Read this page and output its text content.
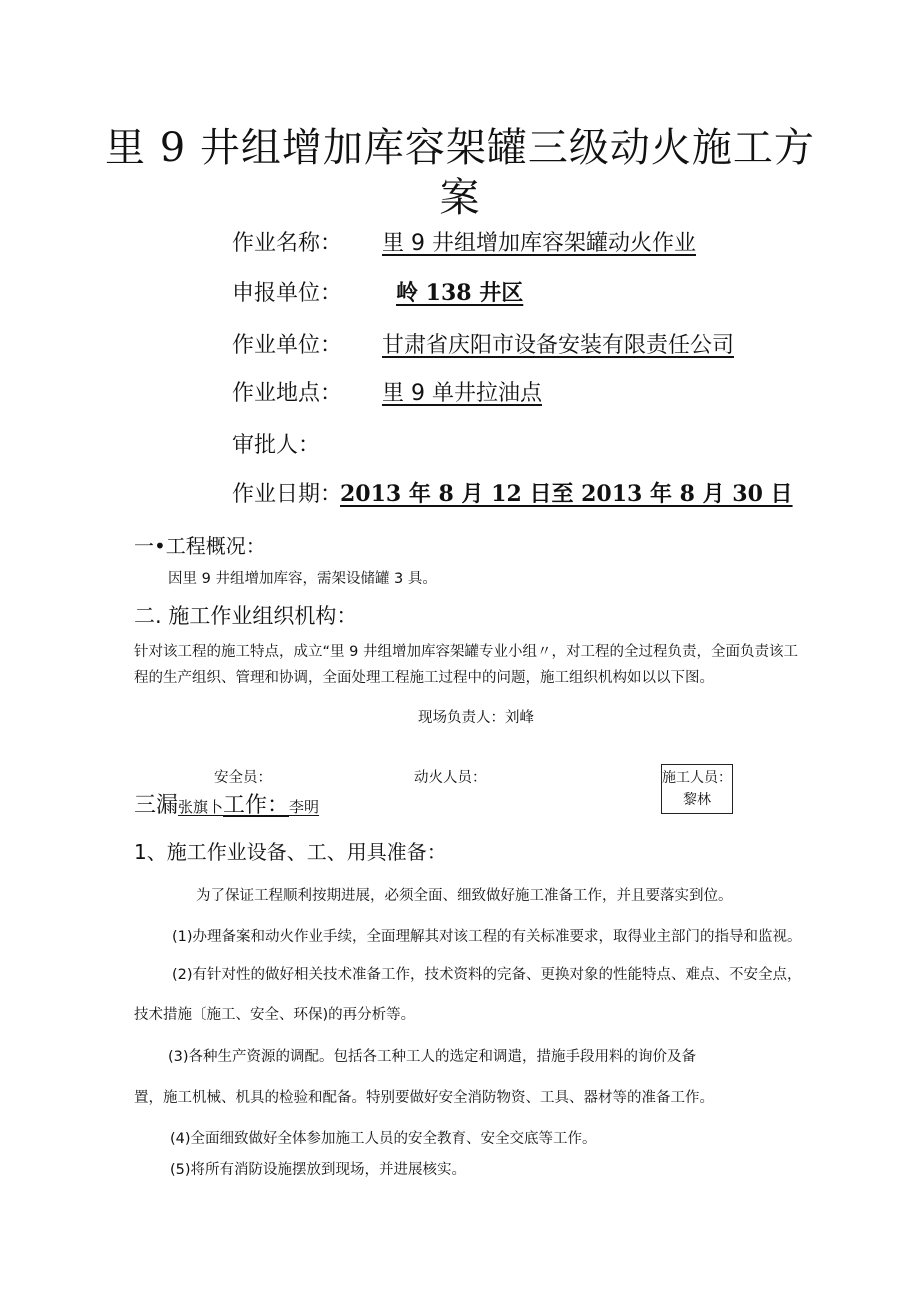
里 9 井组增加库容架罐三级动火施工方
案
作业名称： 里 9 井组增加库容架罐动火作业
申报单位： 岭 138 井区
作业单位： 甘肃省庆阳市设备安装有限责任公司
作业地点： 里 9 单井拉油点
审批人：
作业日期：
2013 年 8 月 12 日至 2013 年 8 月 30 日
一•工程概况：
因里 9 井组增加库容，需架设储罐 3 具。
二. 施工作业组织机构：
针对该工程的施工特点，成立“里 9 井组增加库容架罐专业小组〃，对工程的全过程负责，全面负责该工
程的生产组织、管理和协调，全面处理工程施工过程中的问题，施工组织机构如以以下图。
现场负责人：刘峰
安全员：	动火人员：	施工人员：
黎林
三漏张旗卜工作：李明
1、施工作业设备、工、用具准备：
为了保证工程顺利按期进展，必须全面、细致做好施工准备工作，并且要落实到位。
(1)办理备案和动火作业手续，全面理解其对该工程的有关标准要求，取得业主部门的指导和监视。
(2)有针对性的做好相关技术准备工作，技术资料的完备、更换对象的性能特点、难点、不安全点，
技术措施〔施工、安全、环保)的再分析等。
(3)各种生产资源的调配。包括各工种工人的选定和调遣，措施手段用料的询价及备
置，施工机械、机具的检验和配备。特别要做好安全消防物资、工具、器材等的准备工作。
(4)全面细致做好全体参加施工人员的安全教育、安全交底等工作。
(5)将所有消防设施摆放到现场，并进展核实。
